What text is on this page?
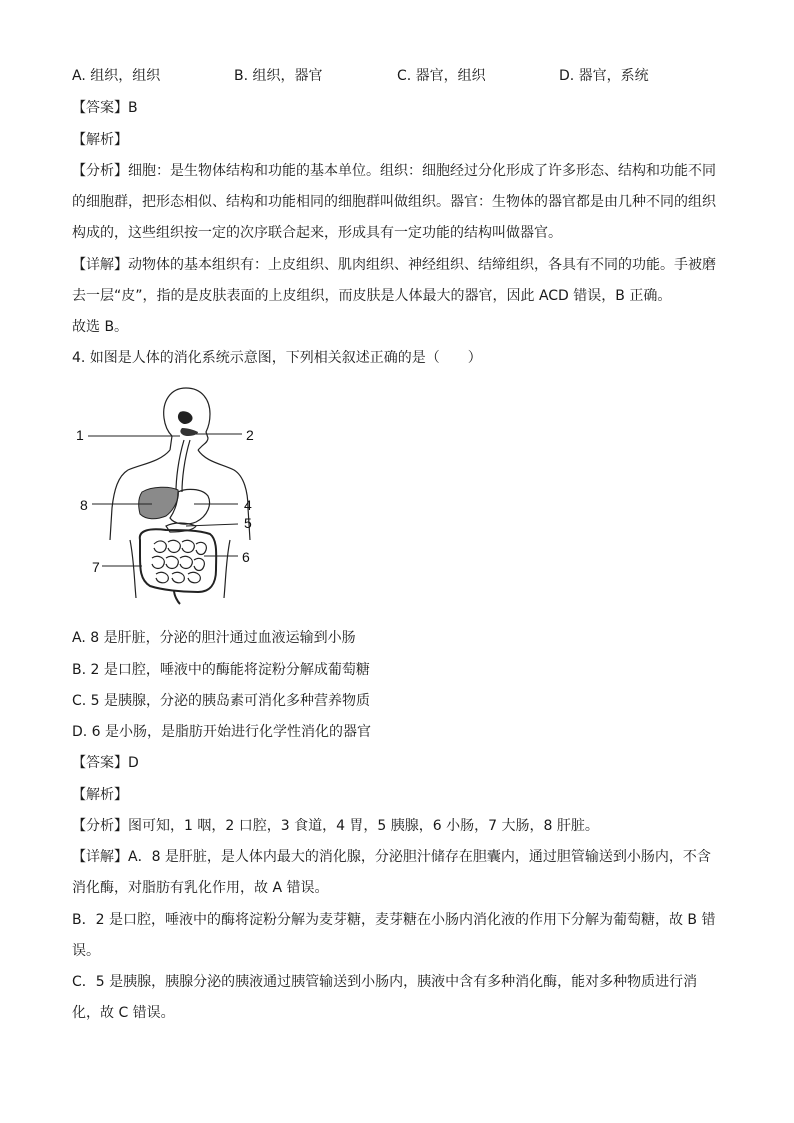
A. 组织，组织	B. 组织，器官	C. 器官，组织	D. 器官，系统
【答案】B
【解析】
【分析】细胞：是生物体结构和功能的基本单位。组织：细胞经过分化形成了许多形态、结构和功能不同
的细胞群，把形态相似、结构和功能相同的细胞群叫做组织。器官：生物体的器官都是由几种不同的组织
构成的，这些组织按一定的次序联合起来，形成具有一定功能的结构叫做器官。
【详解】动物体的基本组织有：上皮组织、肌肉组织、神经组织、结缔组织，各具有不同的功能。手被磨
去一层“皮”，指的是皮肤表面的上皮组织，而皮肤是人体最大的器官，因此 ACD 错误，B 正确。
故选 B。
4. 如图是人体的消化系统示意图，下列相关叙述正确的是（　　）
1	2
4
5
6
7
8
A. 8 是肝脏，分泌的胆汁通过血液运输到小肠
B. 2 是口腔，唾液中的酶能将淀粉分解成葡萄糖
C. 5 是胰腺，分泌的胰岛素可消化多种营养物质
D. 6 是小肠，是脂肪开始进行化学性消化的器官
【答案】D
【解析】
【分析】图可知，1 咽，2 口腔，3 食道，4 胃，5 胰腺，6 小肠，7 大肠，8 肝脏。
【详解】A．8 是肝脏，是人体内最大的消化腺，分泌胆汁储存在胆囊内，通过胆管输送到小肠内，不含
消化酶，对脂肪有乳化作用，故 A 错误。
B．2 是口腔，唾液中的酶将淀粉分解为麦芽糖，麦芽糖在小肠内消化液的作用下分解为葡萄糖，故 B 错
误。
C．5 是胰腺，胰腺分泌的胰液通过胰管输送到小肠内，胰液中含有多种消化酶，能对多种物质进行消
化，故 C 错误。
